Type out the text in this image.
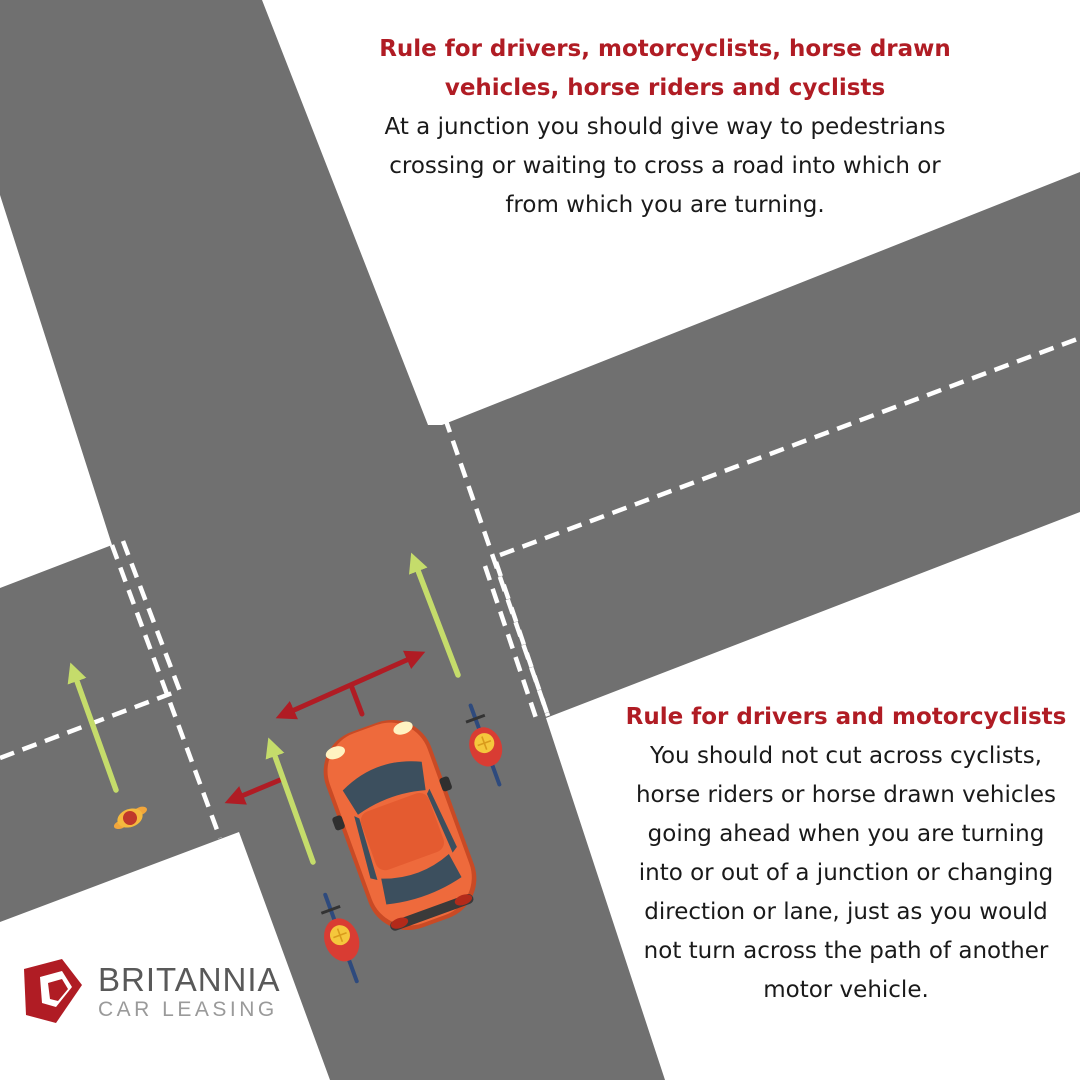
Rule for drivers, motorcyclists, horse drawn
vehicles, horse riders and cyclists

At a junction you should give way to pedestrians
crossing or waiting to cross a road into which or
from which you are turning.

Rule for drivers and motorcyclists

You should not cut across cyclists,
horse riders or horse drawn vehicles
going ahead when you are turning
into or out of a junction or changing
direction or lane, just as you would
not turn across the path of another
motor vehicle.

BRITANNIA

CAR LEASING
